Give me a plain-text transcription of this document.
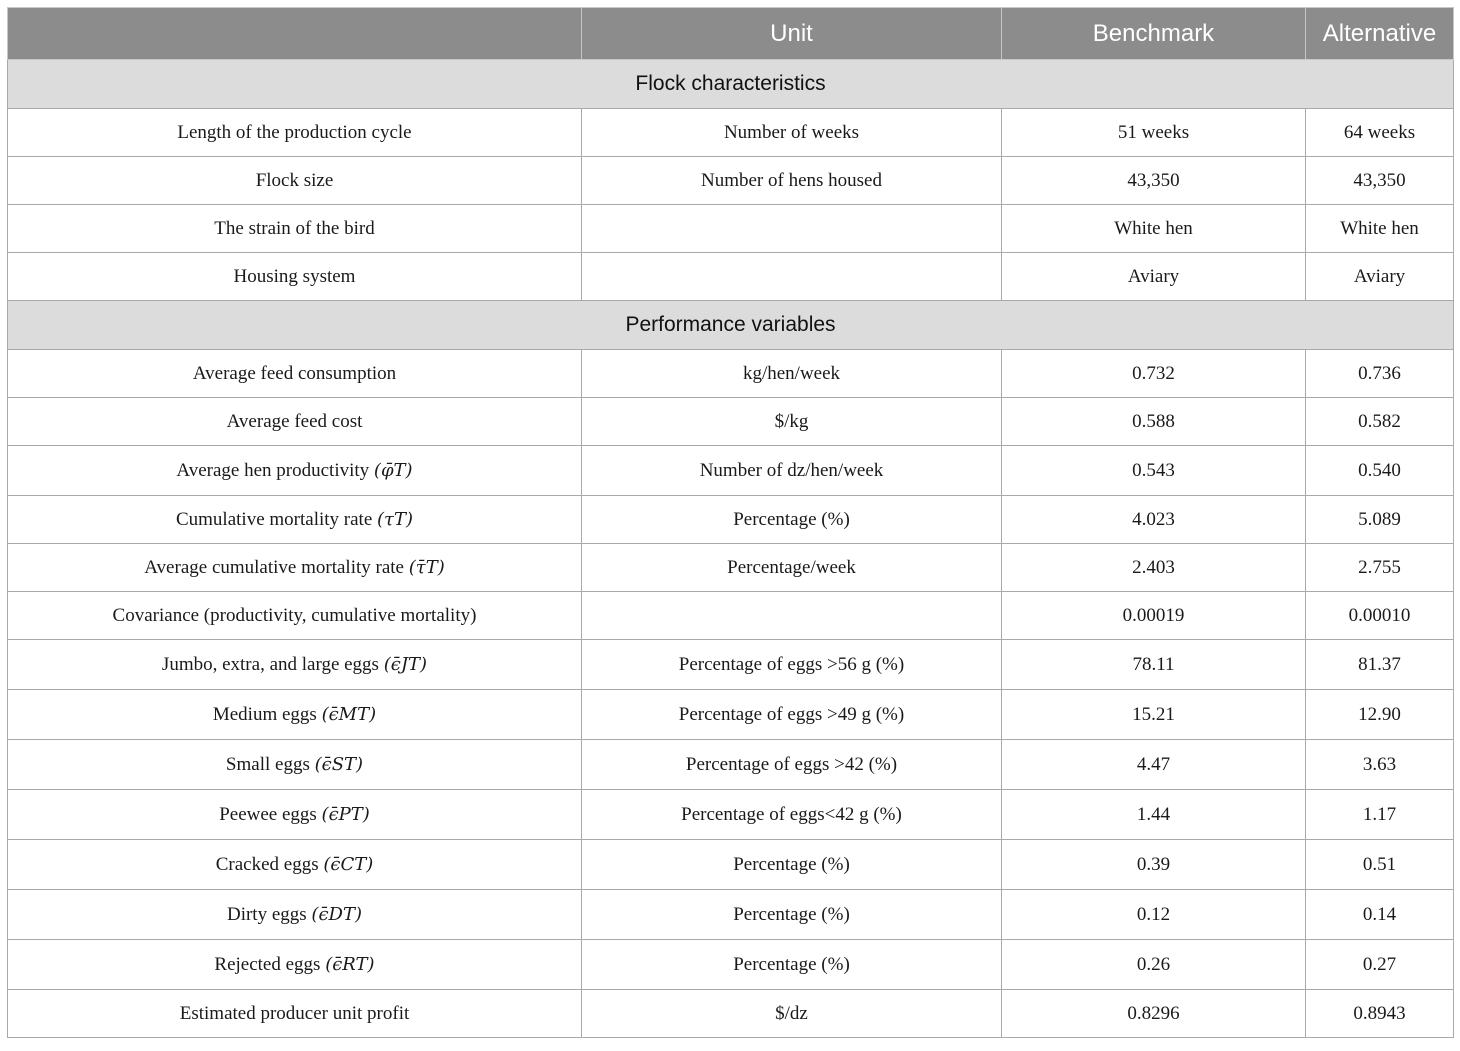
	Unit	Benchmark	Alternative
Flock characteristics			
Length of the production cycle	Number of weeks	51 weeks	64 weeks
Flock size	Number of hens housed	43,350	43,350
The strain of the bird		White hen	White hen
Housing system		Aviary	Aviary
Performance variables			
Average feed consumption	kg/hen/week	0.732	0.736
Average feed cost	$/kg	0.588	0.582
Average hen productivity (φ̄T)	Number of dz/hen/week	0.543	0.540
Cumulative mortality rate (τT)	Percentage (%)	4.023	5.089
Average cumulative mortality rate (τ̄T)	Percentage/week	2.403	2.755
Covariance (productivity, cumulative mortality)		0.00019	0.00010
Jumbo, extra, and large eggs (ϵ̄JT)	Percentage of eggs >56 g (%)	78.11	81.37
Medium eggs (ϵ̄MT)	Percentage of eggs >49 g (%)	15.21	12.90
Small eggs (ϵ̄ST)	Percentage of eggs >42 (%)	4.47	3.63
Peewee eggs (ϵ̄PT)	Percentage of eggs<42 g (%)	1.44	1.17
Cracked eggs (ϵ̄CT)	Percentage (%)	0.39	0.51
Dirty eggs (ϵ̄DT)	Percentage (%)	0.12	0.14
Rejected eggs (ϵ̄RT)	Percentage (%)	0.26	0.27
Estimated producer unit profit	$/dz	0.8296	0.8943
